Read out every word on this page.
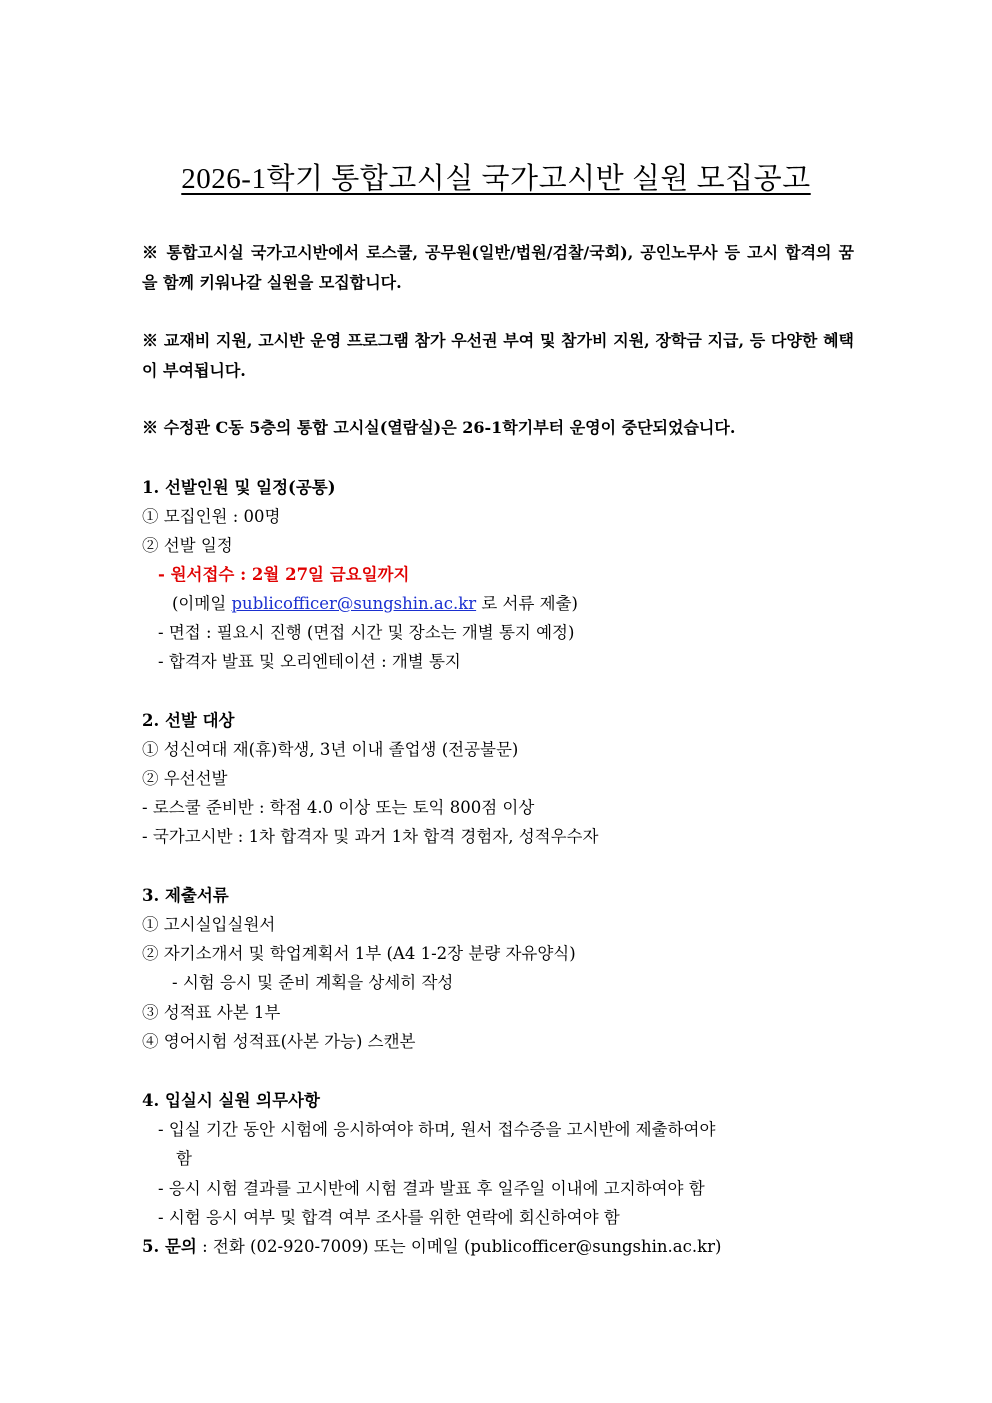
2026-1학기 통합고시실 국가고시반 실원 모집공고
※ 통합고시실 국가고시반에서 로스쿨, 공무원(일반/법원/검찰/국회), 공인노무사 등 고시 합격의 꿈을 함께 키워나갈 실원을 모집합니다.
※ 교재비 지원, 고시반 운영 프로그램 참가 우선권 부여 및 참가비 지원, 장학금 지급, 등 다양한 혜택이 부여됩니다.
※ 수정관 C동 5층의 통합 고시실(열람실)은 26-1학기부터 운영이 중단되었습니다.
1. 선발인원 및 일정(공통)
① 모집인원 : 00명
② 선발 일정
- 원서접수 : 2월 27일 금요일까지
(이메일 publicofficer@sungshin.ac.kr 로 서류 제출)
- 면접 : 필요시 진행 (면접 시간 및 장소는 개별 통지 예정)
- 합격자 발표 및 오리엔테이션 : 개별 통지
2. 선발 대상
① 성신여대 재(휴)학생, 3년 이내 졸업생 (전공불문)
② 우선선발
- 로스쿨 준비반 : 학점 4.0 이상 또는 토익 800점 이상
- 국가고시반 : 1차 합격자 및 과거 1차 합격 경험자, 성적우수자
3. 제출서류
① 고시실입실원서
② 자기소개서 및 학업계획서 1부 (A4 1-2장 분량 자유양식)
- 시험 응시 및 준비 계획을 상세히 작성
③ 성적표 사본 1부
④ 영어시험 성적표(사본 가능) 스캔본
4. 입실시 실원 의무사항
- 입실 기간 동안 시험에 응시하여야 하며, 원서 접수증을 고시반에 제출하여야
함
- 응시 시험 결과를 고시반에 시험 결과 발표 후 일주일 이내에 고지하여야 함
- 시험 응시 여부 및 합격 여부 조사를 위한 연락에 회신하여야 함
5. 문의 : 전화 (02-920-7009) 또는 이메일 (publicofficer@sungshin.ac.kr)
